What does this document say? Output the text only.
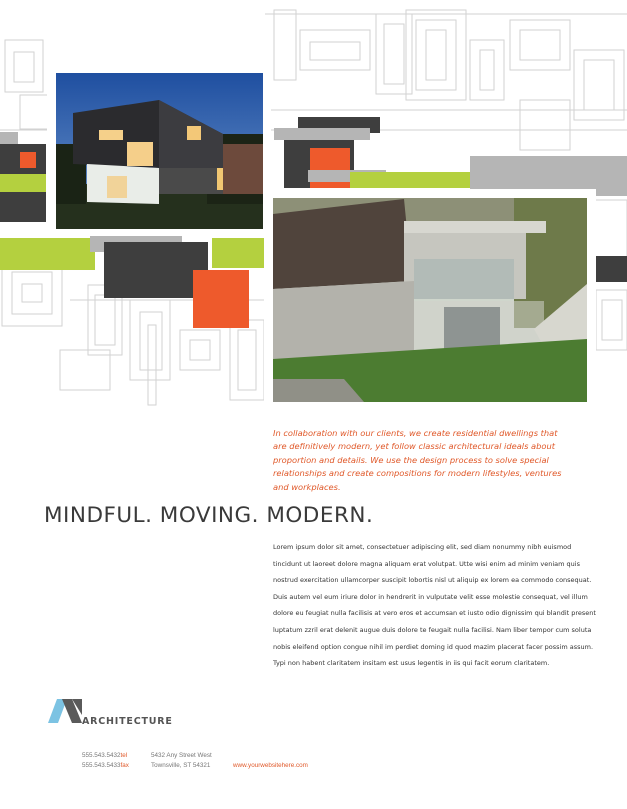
In collaboration with our clients, we create residential dwellings that are definitively modern, yet follow classic architectural ideals about proportion and details. We use the design process to solve special relationships and create compositions for modern lifestyles, ventures and workplaces.
MINDFUL. MOVING. MODERN.
Lorem ipsum dolor sit amet, consectetuer adipiscing elit, sed diam nonummy nibh euismod tincidunt ut laoreet dolore magna aliquam erat volutpat. Utte wisi enim ad minim veniam quis nostrud exercitation ullamcorper suscipit lobortis nisl ut aliquip ex lorem ea commodo consequat. Duis autem vel eum iriure dolor in hendrerit in vulputate velit esse molestie consequat, vel illum dolore eu feugiat nulla facilisis at vero eros et accumsan et iusto odio dignissim qui blandit present luptatum zzril erat delenit augue duis dolore te feugait nulla facilisi. Nam liber tempor cum soluta nobis eleifend option congue nihil im perdiet doming id quod mazim placerat facer possim assum. Typi non habent claritatem insitam est usus legentis in iis qui facit eorum claritatem.
ARCHITECTURE
555.543.5432tel
555.543.5433fax
5432 Any Street West
Townsville, ST 54321	www.yourwebsitehere.com
